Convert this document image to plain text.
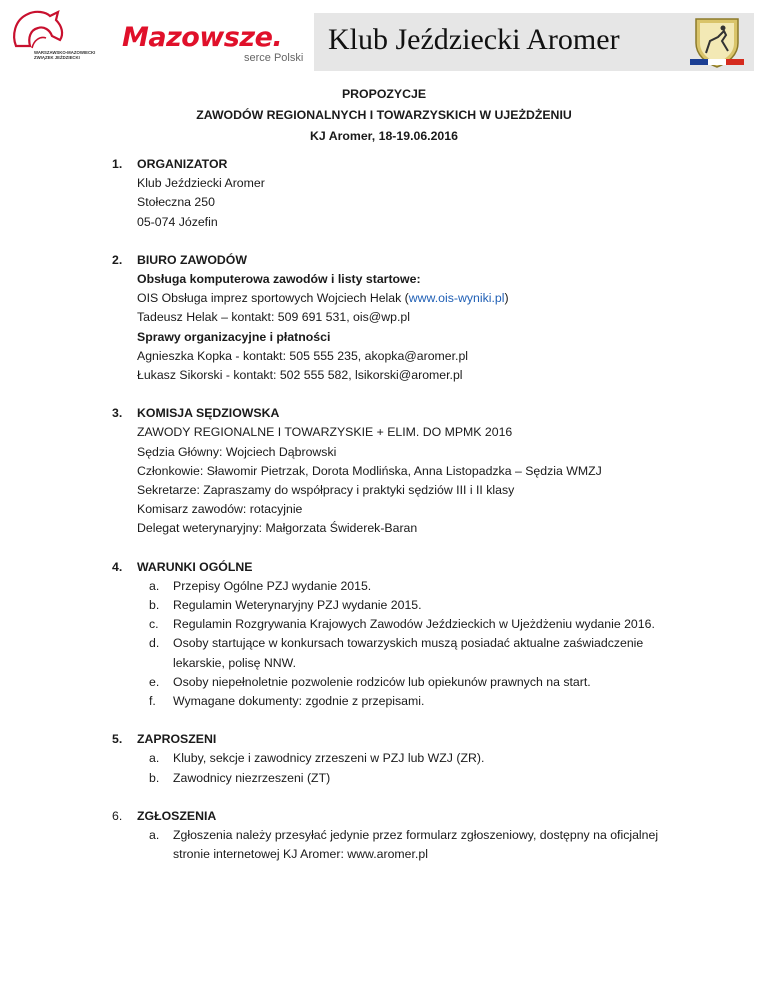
WARSZAWSKO-MAZOWIECKI ZWIĄZEK JEŹDZIECKI
Mazowsze.
serce Polski
Klub Jeździecki Aromer
PROPOZYCJE
ZAWODÓW REGIONALNYCH I TOWARZYSKICH W UJEŻDŻENIU
KJ Aromer, 18-19.06.2016
1.	ORGANIZATOR
Klub Jeździecki Aromer
Stołeczna 250
05-074 Józefin
2.	BIURO ZAWODÓW
Obsługa komputerowa zawodów i listy startowe:
OIS Obsługa imprez sportowych Wojciech Helak (www.ois-wyniki.pl)
Tadeusz Helak – kontakt: 509 691 531, ois@wp.pl
Sprawy organizacyjne i płatności
Agnieszka Kopka - kontakt: 505 555 235, akopka@aromer.pl
Łukasz Sikorski - kontakt: 502 555 582, lsikorski@aromer.pl
3.	KOMISJA SĘDZIOWSKA
ZAWODY REGIONALNE I TOWARZYSKIE + ELIM. DO MPMK 2016
Sędzia Główny: Wojciech Dąbrowski
Członkowie: Sławomir Pietrzak, Dorota Modlińska, Anna Listopadzka – Sędzia WMZJ
Sekretarze: Zapraszamy do współpracy i praktyki sędziów III i II klasy
Komisarz zawodów: rotacyjnie
Delegat weterynaryjny: Małgorzata Świderek-Baran
4.	WARUNKI OGÓLNE
a.	Przepisy Ogólne PZJ wydanie 2015.
b.	Regulamin Weterynaryjny PZJ wydanie 2015.
c.	Regulamin Rozgrywania Krajowych Zawodów Jeździeckich w Ujeżdżeniu wydanie 2016.
d.	Osoby startujące w konkursach towarzyskich muszą posiadać aktualne zaświadczenie lekarskie, polisę NNW.
e.	Osoby niepełnoletnie pozwolenie rodziców lub opiekunów prawnych na start.
f.	Wymagane dokumenty: zgodnie z przepisami.
5.	ZAPROSZENI
a.	Kluby, sekcje i zawodnicy zrzeszeni w PZJ lub WZJ (ZR).
b.	Zawodnicy niezrzeszeni (ZT)
6.	ZGŁOSZENIA
a.	Zgłoszenia należy przesyłać jedynie przez formularz zgłoszeniowy, dostępny na oficjalnej stronie internetowej KJ Aromer: www.aromer.pl
